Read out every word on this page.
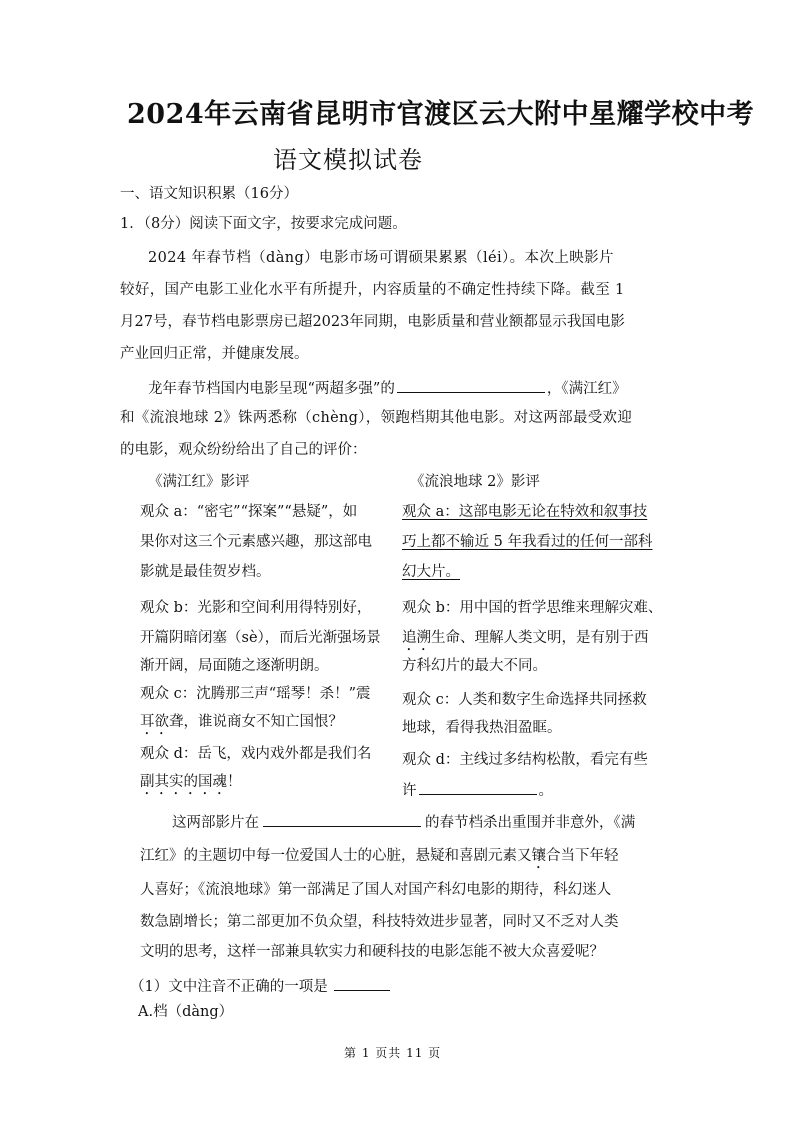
2024年云南省昆明市官渡区云大附中星耀学校中考
语文模拟试卷
一、语文知识积累（16分）
1．（8分）阅读下面文字，按要求完成问题。
2024 年春节档（dàng）电影市场可谓硕果累累（léi）。本次上映影片
较好，国产电影工业化水平有所提升，内容质量的不确定性持续下降。截至 1
月27号，春节档电影票房已超2023年同期，电影质量和营业额都显示我国电影
产业回归正常，并健康发展。
龙年春节档国内电影呈现“两超多强”的	，《满江红》
和《流浪地球 2》铢两悉称（chèng），领跑档期其他电影。对这两部最受欢迎
的电影，观众纷纷给出了自己的评价：
《满江红》影评
观众 a：“密宅”“探案”“悬疑”，如
果你对这三个元素感兴趣，那这部电
影就是最佳贺岁档。
观众 b：光影和空间利用得特别好，
开篇阴暗闭塞（sè），而后光渐强场景
渐开阔，局面随之逐渐明朗。
观众 c：沈腾那三声“瑶琴！杀！”震
耳欲聋，谁说商女不知亡国恨？
观众 d：岳飞，戏内戏外都是我们名
副其实的国魂！
《流浪地球 2》影评
观众 a：这部电影无论在特效和叙事技
巧上都不输近 5 年我看过的任何一部科
幻大片。
观众 b：用中国的哲学思维来理解灾难、
追溯生命、理解人类文明，是有别于西
方科幻片的最大不同。
观众 c：人类和数字生命选择共同拯救
地球，看得我热泪盈眶。
观众 d：主线过多结构松散，看完有些
许	。
这两部影片在	的春节档杀出重围并非意外，《满
江红》的主题切中每一位爱国人士的心脏，悬疑和喜剧元素又镶合当下年轻
人喜好；《流浪地球》第一部满足了国人对国产科幻电影的期待，科幻迷人
数急剧增长；第二部更加不负众望，科技特效进步显著，同时又不乏对人类
文明的思考，这样一部兼具软实力和硬科技的电影怎能不被大众喜爱呢？
（1）文中注音不正确的一项是
A.档（dàng）
第 1 页共 11 页
